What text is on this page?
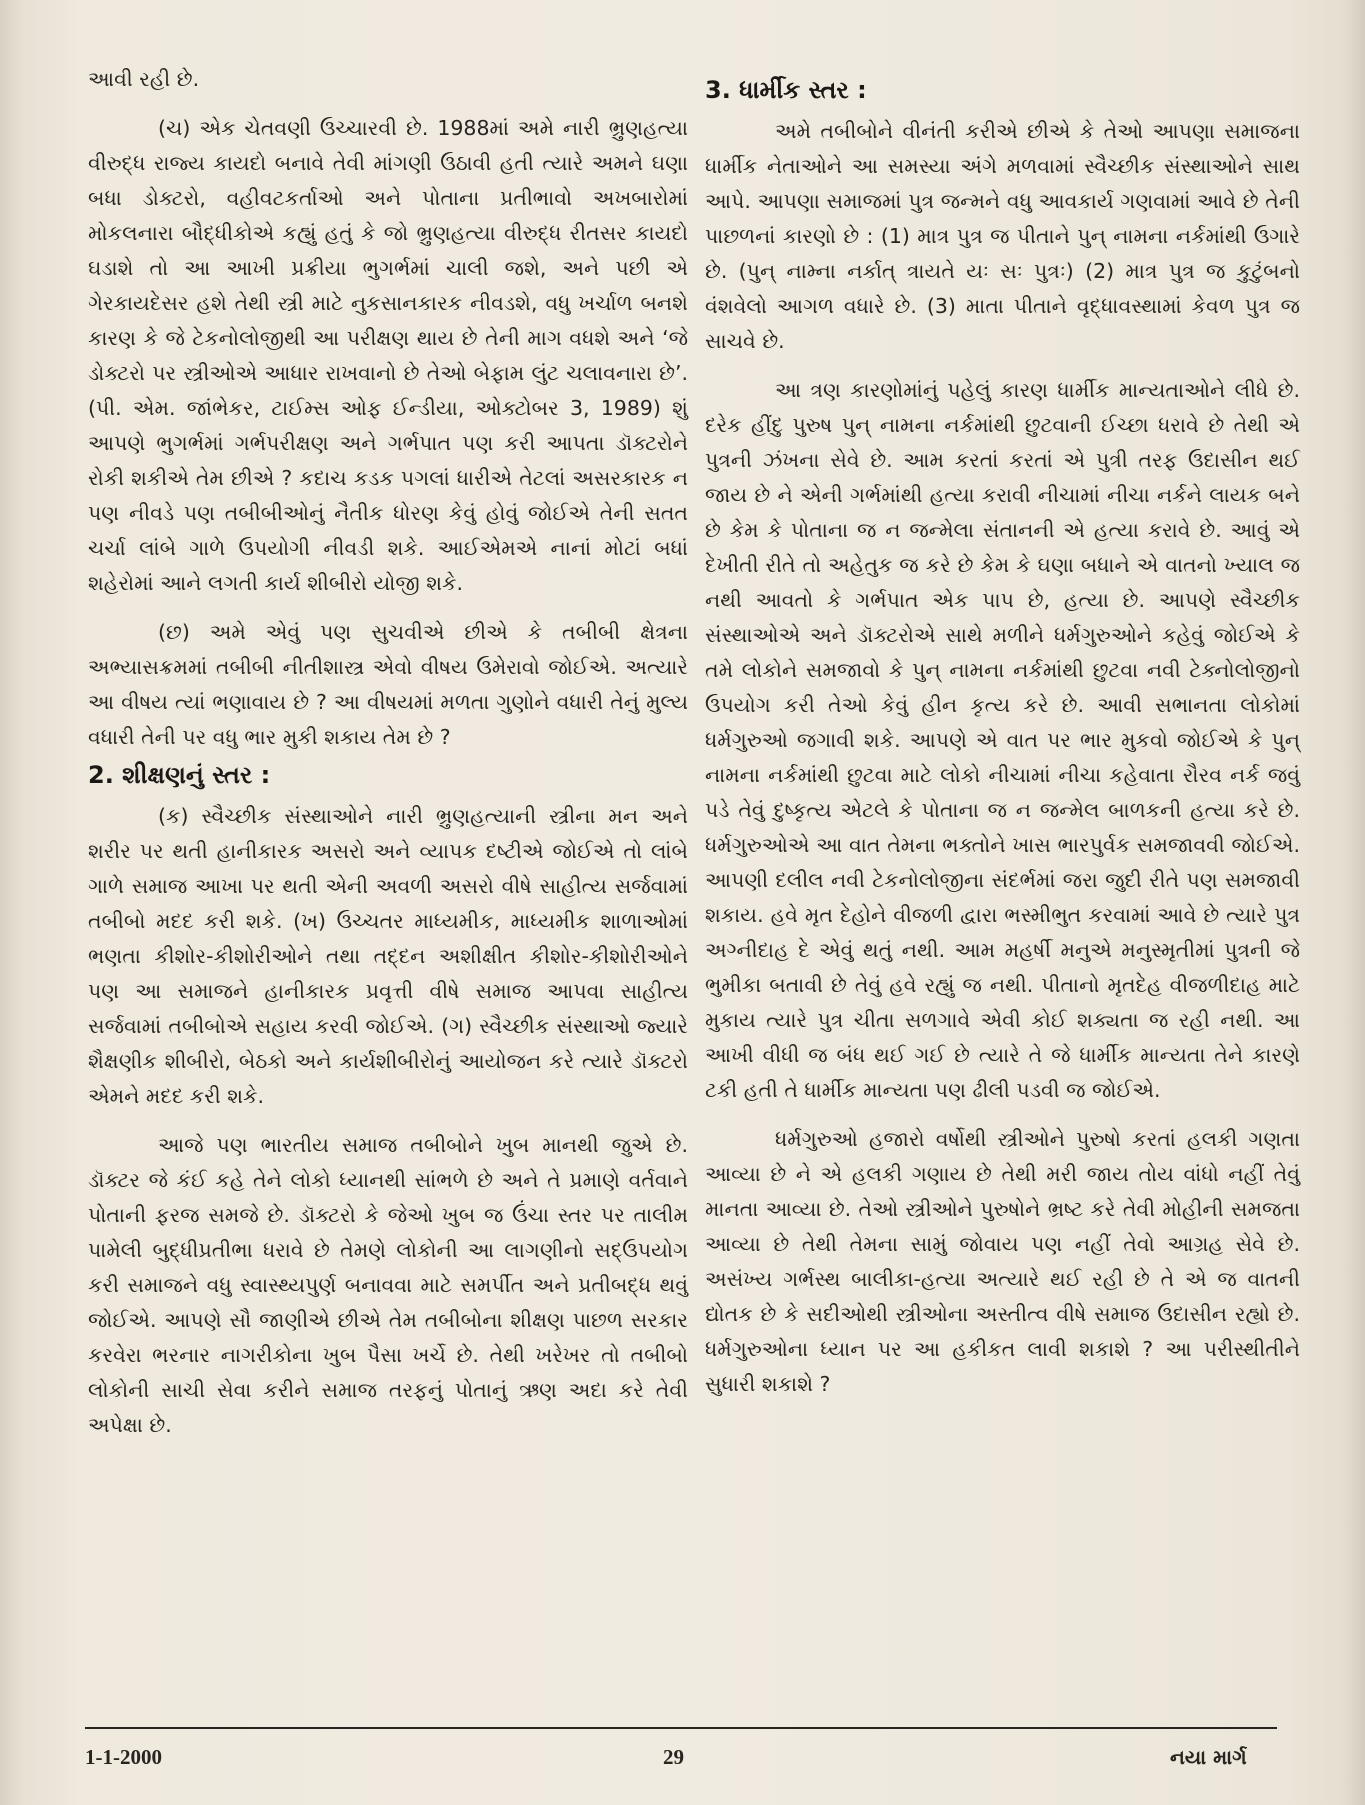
આવી રહી છે.

(ચ) એક ચેતવણી ઉચ્ચારવી છે. 1988માં અમે નારી ભ્રુણહત્યા વીરુદ્ધ રાજ્ય કાયદો બનાવે તેવી માંગણી ઉઠાવી હતી ત્યારે અમને ઘણા બધા ડોક્ટરો, વહીવટકર્તાઓ અને પોતાના પ્રતીભાવો અખબારોમાં મોકલનારા બૌદ્ધીકોએ કહ્યું હતું કે જો ભ્રુણહત્યા વીરુદ્ધ રીતસર કાયદો ઘડાશે તો આ આખી પ્રક્રીયા ભુગર્ભમાં ચાલી જશે, અને પછી એ ગેરકાયદેસર હશે તેથી સ્ત્રી માટે નુકસાનકારક નીવડશે, વધુ ખર્ચાળ બનશે કારણ કે જે ટેકનોલોજીથી આ પરીક્ષણ થાય છે તેની માગ વધશે અને ‘જે ડોક્ટરો પર સ્ત્રીઓએ આધાર રાખવાનો છે તેઓ બેફામ લુંટ ચલાવનારા છે’. (પી. એમ. જાંભેકર, ટાઈમ્સ ઓફ ઈન્ડીયા, ઓક્ટોબર 3, 1989) શું આપણે ભુગર્ભમાં ગર્ભપરીક્ષણ અને ગર્ભપાત પણ કરી આપતા ડૉક્ટરોને રોકી શકીએ તેમ છીએ ? કદાચ કડક પગલાં ધારીએ તેટલાં અસરકારક ન પણ નીવડે પણ તબીબીઓનું નૈતીક ધોરણ કેવું હોવું જોઈએ તેની સતત ચર્ચા લાંબે ગાળે ઉપયોગી નીવડી શકે. આઈએમએ નાનાં મોટાં બધાં શહેરોમાં આને લગતી કાર્ય શીબીરો યોજી શકે.

(છ) અમે એવું પણ સુચવીએ છીએ કે તબીબી ક્ષેત્રના અભ્યાસક્રમમાં તબીબી નીતીશાસ્ત્ર એવો વીષય ઉમેરાવો જોઈએ. અત્યારે આ વીષય ત્યાં ભણાવાય છે ? આ વીષયમાં મળતા ગુણોને વધારી તેનું મુલ્ય વધારી તેની પર વધુ ભાર મુકી શકાય તેમ છે ?

2. શીક્ષણનું સ્તર :

(ક) સ્વૈચ્છીક સંસ્થાઓને નારી ભ્રુણહત્યાની સ્ત્રીના મન અને શરીર પર થતી હાનીકારક અસરો અને વ્યાપક દષ્ટીએ જોઈએ તો લાંબે ગાળે સમાજ આખા પર થતી એની અવળી અસરો વીષે સાહીત્ય સર્જવામાં તબીબો મદદ કરી શકે. (ખ) ઉચ્ચતર માધ્યમીક, માધ્યમીક શાળાઓમાં ભણતા કીશોર-કીશોરીઓને તથા તદ્દન અશીક્ષીત કીશોર-કીશોરીઓને પણ આ સમાજને હાનીકારક પ્રવૃત્તી વીષે સમાજ આપવા સાહીત્ય સર્જવામાં તબીબોએ સહાય કરવી જોઈએ. (ગ) સ્વૈચ્છીક સંસ્થાઓ જ્યારે શૈક્ષણીક શીબીરો, બેઠકો અને કાર્યશીબીરોનું આયોજન કરે ત્યારે ડૉક્ટરો એમને મદદ કરી શકે.

આજે પણ ભારતીય સમાજ તબીબોને ખુબ માનથી જુએ છે. ડૉક્ટર જે કંઈ કહે તેને લોકો ધ્યાનથી સાંભળે છે અને તે પ્રમાણે વર્તવાને પોતાની ફરજ સમજે છે. ડૉક્ટરો કે જેઓ ખુબ જ ઉંચા સ્તર પર તાલીમ પામેલી બુદ્ધીપ્રતીભા ધરાવે છે તેમણે લોકોની આ લાગણીનો સદ્‌ઉપયોગ કરી સમાજને વધુ સ્વાસ્થ્યપુર્ણ બનાવવા માટે સમર્પીત અને પ્રતીબદ્ધ થવું જોઈએ. આપણે સૌ જાણીએ છીએ તેમ તબીબોના શીક્ષણ પાછળ સરકાર કરવેરા ભરનાર નાગરીકોના ખુબ પૈસા ખર્ચે છે. તેથી ખરેખર તો તબીબો લોકોની સાચી સેવા કરીને સમાજ તરફનું પોતાનું ઋણ અદા કરે તેવી અપેક્ષા છે.

3. ધાર્મીક સ્તર :

અમે તબીબોને વીનંતી કરીએ છીએ કે તેઓ આપણા સમાજના ધાર્મીક નેતાઓને આ સમસ્યા અંગે મળવામાં સ્વૈચ્છીક સંસ્થાઓને સાથ આપે. આપણા સમાજમાં પુત્ર જન્મને વધુ આવકાર્ય ગણવામાં આવે છે તેની પાછળનાં કારણો છે : (1) માત્ર પુત્ર જ પીતાને પુન્ નામના નર્કમાંથી ઉગારે છે. (પુન્ નામ્ના નર્કાત્ ત્રાયતે યઃ સઃ પુત્રઃ) (2) માત્ર પુત્ર જ કુટુંબનો વંશવેલો આગળ વધારે છે. (3) માતા પીતાને વૃદ્ધાવસ્થામાં કેવળ પુત્ર જ સાચવે છે.

આ ત્રણ કારણોમાંનું પહેલું કારણ ધાર્મીક માન્યતાઓને લીધે છે. દરેક હીંદુ પુરુષ પુન્ નામના નર્કમાંથી છુટવાની ઈચ્છા ધરાવે છે તેથી એ પુત્રની ઝંખના સેવે છે. આમ કરતાં કરતાં એ પુત્રી તરફ ઉદાસીન થઈ જાય છે ને એની ગર્ભમાંથી હત્યા કરાવી નીચામાં નીચા નર્કને લાયક બને છે કેમ કે પોતાના જ ન જન્મેલા સંતાનની એ હત્યા કરાવે છે. આવું એ દેખીતી રીતે તો અહેતુક જ કરે છે કેમ કે ઘણા બધાને એ વાતનો ખ્યાલ જ નથી આવતો કે ગર્ભપાત એક પાપ છે, હત્યા છે. આપણે સ્વૈચ્છીક સંસ્થાઓએ અને ડૉક્ટરોએ સાથે મળીને ધર્મગુરુઓને કહેવું જોઈએ કે તમે લોકોને સમજાવો કે પુન્ નામના નર્કમાંથી છુટવા નવી ટેક્નોલોજીનો ઉપયોગ કરી તેઓ કેવું હીન કૃત્ય કરે છે. આવી સભાનતા લોકોમાં ધર્મગુરુઓ જગાવી શકે. આપણે એ વાત પર ભાર મુકવો જોઈએ કે પુન્ નામના નર્કમાંથી છુટવા માટે લોકો નીચામાં નીચા કહેવાતા રૌરવ નર્ક જવું પડે તેવું દુષ્કૃત્ય એટલે કે પોતાના જ ન જન્મેલ બાળકની હત્યા કરે છે. ધર્મગુરુઓએ આ વાત તેમના ભક્તોને ખાસ ભારપુર્વક સમજાવવી જોઈએ. આપણી દલીલ નવી ટેકનોલોજીના સંદર્ભમાં જરા જુદી રીતે પણ સમજાવી શકાય. હવે મૃત દેહોને વીજળી દ્વારા ભસ્મીભુત કરવામાં આવે છે ત્યારે પુત્ર અગ્નીદાહ દે એવું થતું નથી. આમ મહર્ષી મનુએ મનુસ્મૃતીમાં પુત્રની જે ભુમીકા બતાવી છે તેવું હવે રહ્યું જ નથી. પીતાનો મૃતદેહ વીજળીદાહ માટે મુકાય ત્યારે પુત્ર ચીતા સળગાવે એવી કોઈ શક્યતા જ રહી નથી. આ આખી વીધી જ બંધ થઈ ગઈ છે ત્યારે તે જે ધાર્મીક માન્યતા તેને કારણે ટકી હતી તે ધાર્મીક માન્યતા પણ ઢીલી પડવી જ જોઈએ.

ધર્મગુરુઓ હજારો વર્ષોથી સ્ત્રીઓને પુરુષો કરતાં હલકી ગણતા આવ્યા છે ને એ હલકી ગણાય છે તેથી મરી જાય તોય વાંધો નહીં તેવું માનતા આવ્યા છે. તેઓ સ્ત્રીઓને પુરુષોને ભ્રષ્ટ કરે તેવી મોહીની સમજતા આવ્યા છે તેથી તેમના સામું જોવાય પણ નહીં તેવો આગ્રહ સેવે છે. અસંખ્ય ગર્ભસ્થ બાલીકા-હત્યા અત્યારે થઈ રહી છે તે એ જ વાતની દ્યોતક છે કે સદીઓથી સ્ત્રીઓના અસ્તીત્વ વીષે સમાજ ઉદાસીન રહ્યો છે. ધર્મગુરુઓના ધ્યાન પર આ હકીકત લાવી શકાશે ? આ પરીસ્થીતીને સુધારી શકાશે ?

1-1-2000	29	નયા માર્ગ
